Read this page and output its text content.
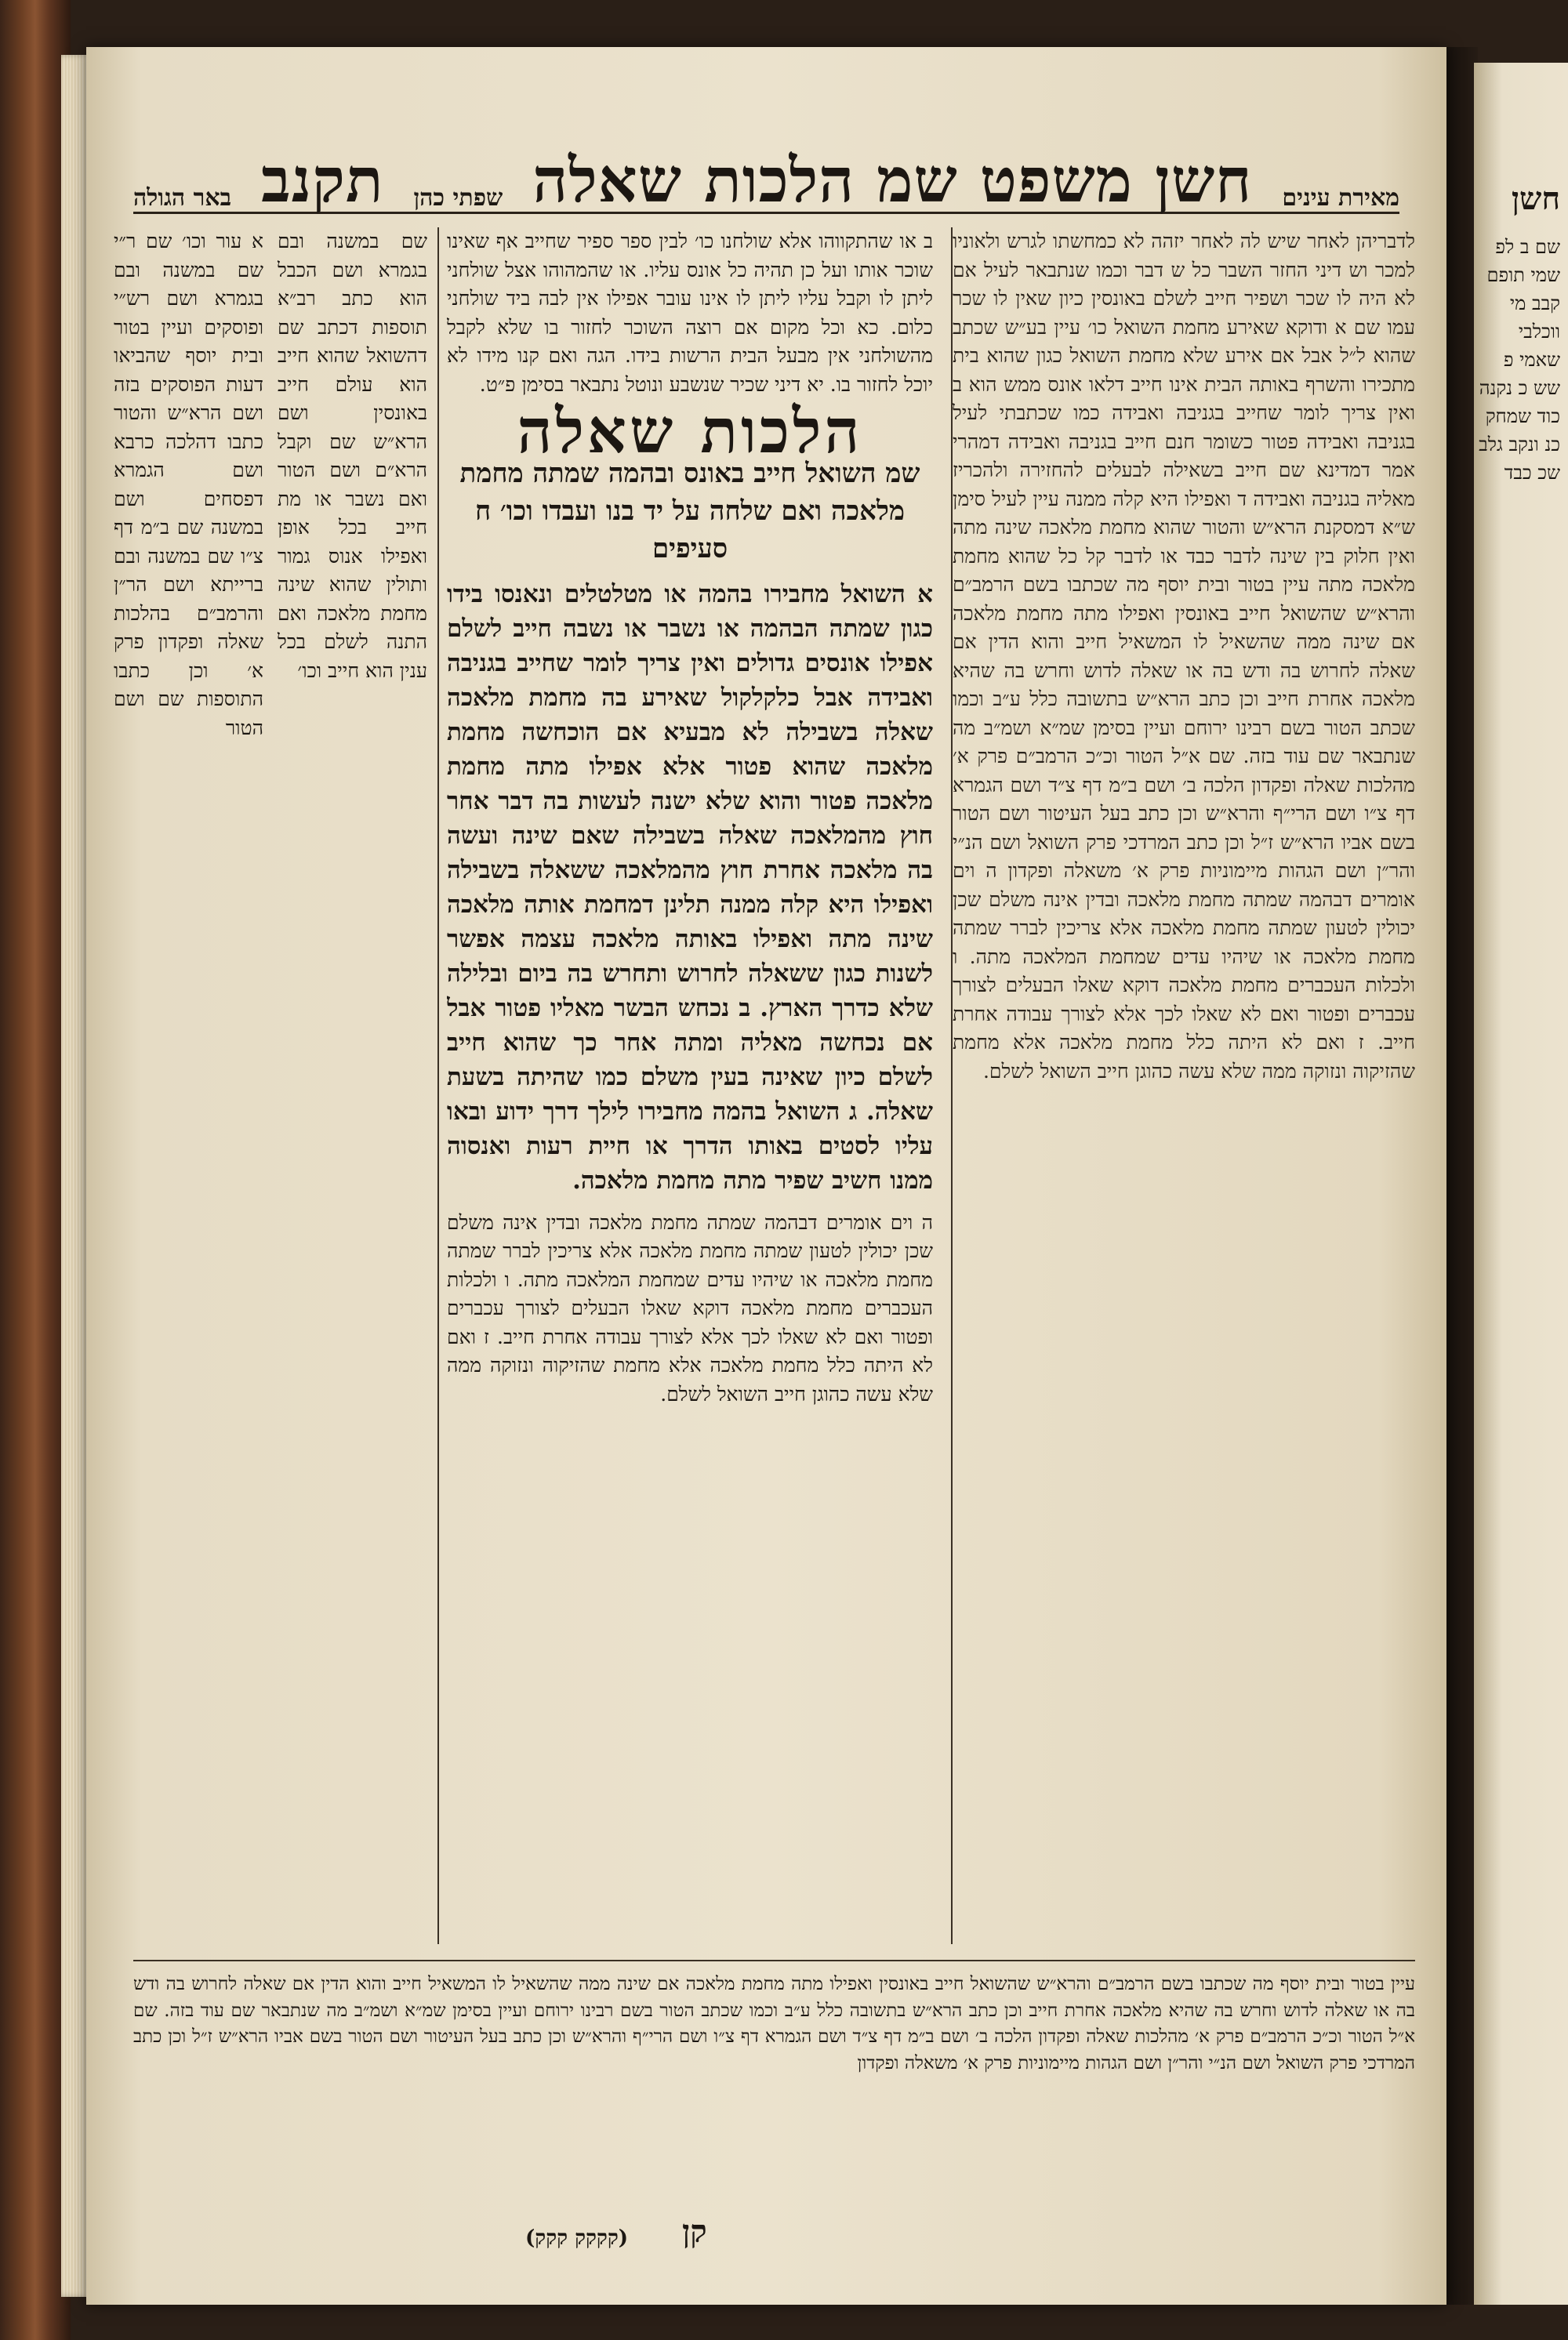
מאירת עינים
חשן משפט שמ הלכות שאלה
שפתי כהן
תקנב
באר הגולה
לדבריהן לאחר שיש לה לאחר יזהה לא כמחשתו לגרש ולאוניו למכר וש דיני החזר השבר כל ש דבר וכמו שנתבאר לעיל אם לא היה לו שכר ושפיר חייב לשלם באונסין כיון שאין לו שכר עמו שם א ודוקא שאירע מחמת השואל כו׳ עיין בע״ש שכתב שהוא ל״ל אבל אם אירע שלא מחמת השואל כגון שהוא בית מתכירו והשרף באותה הבית אינו חייב דלאו אונס ממש הוא ב ואין צריך לומר שחייב בגניבה ואבידה כמו שכתבתי לעיל בגניבה ואבידה פטור כשומר חנם חייב בגניבה ואבידה דמהרי אמר דמדינא שם חייב בשאילה לבעלים להחזירה ולהכריז מאליה בגניבה ואבידה ד ואפילו היא קלה ממנה עיין לעיל סימן ש״א דמסקנת הרא״ש והטור שהוא מחמת מלאכה שינה מתה ואין חלוק בין שינה לדבר כבד או לדבר קל כל שהוא מחמת מלאכה מתה עיין בטור ובית יוסף מה שכתבו בשם הרמב״ם והרא״ש שהשואל חייב באונסין ואפילו מתה מחמת מלאכה אם שינה ממה שהשאיל לו המשאיל חייב והוא הדין אם שאלה לחרוש בה ודש בה או שאלה לדוש וחרש בה שהיא מלאכה אחרת חייב וכן כתב הרא״ש בתשובה כלל ע״ב וכמו שכתב הטור בשם רבינו ירוחם ועיין בסימן שמ״א ושמ״ב מה שנתבאר שם עוד בזה. שם א״ל הטור וכ״כ הרמב״ם פרק א׳ מהלכות שאלה ופקדון הלכה ב׳ ושם ב״מ דף צ״ד ושם הגמרא דף צ״ו ושם הרי״ף והרא״ש וכן כתב בעל העיטור ושם הטור בשם אביו הרא״ש ז״ל וכן כתב המרדכי פרק השואל ושם הנ״י והר״ן ושם הגהות מיימוניות פרק א׳ משאלה ופקדון ה וים אומרים דבהמה שמתה מחמת מלאכה ובדין אינה משלם שכן יכולין לטעון שמתה מחמת מלאכה אלא צריכין לברר שמתה מחמת מלאכה או שיהיו עדים שמחמת המלאכה מתה. ו ולכלות העכברים מחמת מלאכה דוקא שאלו הבעלים לצורך עכברים ופטור ואם לא שאלו לכך אלא לצורך עבודה אחרת חייב. ז ואם לא היתה כלל מחמת מלאכה אלא מחמת שהזיקוה ונזוקה ממה שלא עשה כהוגן חייב השואל לשלם.
ב או שהתקווהו אלא שולחנו כו׳ לבין ספר ספיר שחייב אף שאינו שוכר אותו ועל כן תהיה כל אונס עליו. או שהמהוהו אצל שולחני ליתן לו וקבל עליו ליתן לו אינו עובר אפילו אין לבה ביד שולחני כלום. כא וכל מקום אם רוצה השוכר לחזור בו שלא לקבל מהשולחני אין מבעל הבית הרשות בידו. הגה ואם קנו מידו לא יוכל לחזור בו. יא דיני שכיר שנשבע ונוטל נתבאר בסימן פ״ט.
הלכות שאלה
שמ השואל חייב באונס ובהמה שמתה מחמת מלאכה ואם שלחה על יד בנו ועבדו וכו׳ ח סעיפים
א השואל מחבירו בהמה או מטלטלים ונאנסו בידו כגון שמתה הבהמה או נשבר או נשבה חייב לשלם אפילו אונסים גדולים ואין צריך לומר שחייב בגניבה ואבידה אבל כלקלקול שאירע בה מחמת מלאכה שאלה בשבילה לא מבעיא אם הוכחשה מחמת מלאכה שהוא פטור אלא אפילו מתה מחמת מלאכה פטור והוא שלא ישנה לעשות בה דבר אחר חוץ מהמלאכה שאלה בשבילה שאם שינה ועשה בה מלאכה אחרת חוץ מהמלאכה ששאלה בשבילה ואפילו היא קלה ממנה תלינן דמחמת אותה מלאכה שינה מתה ואפילו באותה מלאכה עצמה אפשר לשנות כגון ששאלה לחרוש ותחרש בה ביום ובלילה שלא כדרך הארץ. ב נכחש הבשר מאליו פטור אבל אם נכחשה מאליה ומתה אחר כך שהוא חייב לשלם כיון שאינה בעין משלם כמו שהיתה בשעת שאלה. ג השואל בהמה מחבירו לילך דרך ידוע ובאו עליו לסטים באותו הדרך או חיית רעות ואנסוה ממנו חשיב שפיר מתה מחמת מלאכה.
ה וים אומרים דבהמה שמתה מחמת מלאכה ובדין אינה משלם שכן יכולין לטעון שמתה מחמת מלאכה אלא צריכין לברר שמתה מחמת מלאכה או שיהיו עדים שמחמת המלאכה מתה. ו ולכלות העכברים מחמת מלאכה דוקא שאלו הבעלים לצורך עכברים ופטור ואם לא שאלו לכך אלא לצורך עבודה אחרת חייב. ז ואם לא היתה כלל מחמת מלאכה אלא מחמת שהזיקוה ונזוקה ממה שלא עשה כהוגן חייב השואל לשלם.
שם במשנה ובם בגמרא ושם הכבל הוא כתב רב״א תוספות דכתב שם דהשואל שהוא חייב הוא עולם חייב באונסין ושם הרא״ש שם וקבל הרא״ם ושם הטור ואם נשבר או מת חייב בכל אופן ואפילו אנוס גמור ותולין שהוא שינה מחמת מלאכה ואם התנה לשלם בכל ענין הוא חייב וכו׳
א עור וכו׳ שם ר״י שם במשנה ובם בגמרא ושם רש״י ופוסקים ועיין בטור ובית יוסף שהביאו דעות הפוסקים בזה ושם הרא״ש והטור כתבו דהלכה כרבא ושם הגמרא דפסחים ושם במשנה שם ב״מ דף צ״ו שם במשנה ובם ברייתא ושם הר״ן והרמב״ם בהלכות שאלה ופקדון פרק א׳ וכן כתבו התוספות שם ושם הטור
עיין בטור ובית יוסף מה שכתבו בשם הרמב״ם והרא״ש שהשואל חייב באונסין ואפילו מתה מחמת מלאכה אם שינה ממה שהשאיל לו המשאיל חייב והוא הדין אם שאלה לחרוש בה ודש בה או שאלה לדוש וחרש בה שהיא מלאכה אחרת חייב וכן כתב הרא״ש בתשובה כלל ע״ב וכמו שכתב הטור בשם רבינו ירוחם ועיין בסימן שמ״א ושמ״ב מה שנתבאר שם עוד בזה. שם א״ל הטור וכ״כ הרמב״ם פרק א׳ מהלכות שאלה ופקדון הלכה ב׳ ושם ב״מ דף צ״ד ושם הגמרא דף צ״ו ושם הרי״ף והרא״ש וכן כתב בעל העיטור ושם הטור בשם אביו הרא״ש ז״ל וכן כתב המרדכי פרק השואל ושם הנ״י והר״ן ושם הגהות מיימוניות פרק א׳ משאלה ופקדון
קן
(קקקק קקק)
חשן
שם ב לפ שמי תופם קבב מי ווכלבי שאמי פ שש כ נקנה כוד שמחק כנ ונקב גלב שכ כבד
